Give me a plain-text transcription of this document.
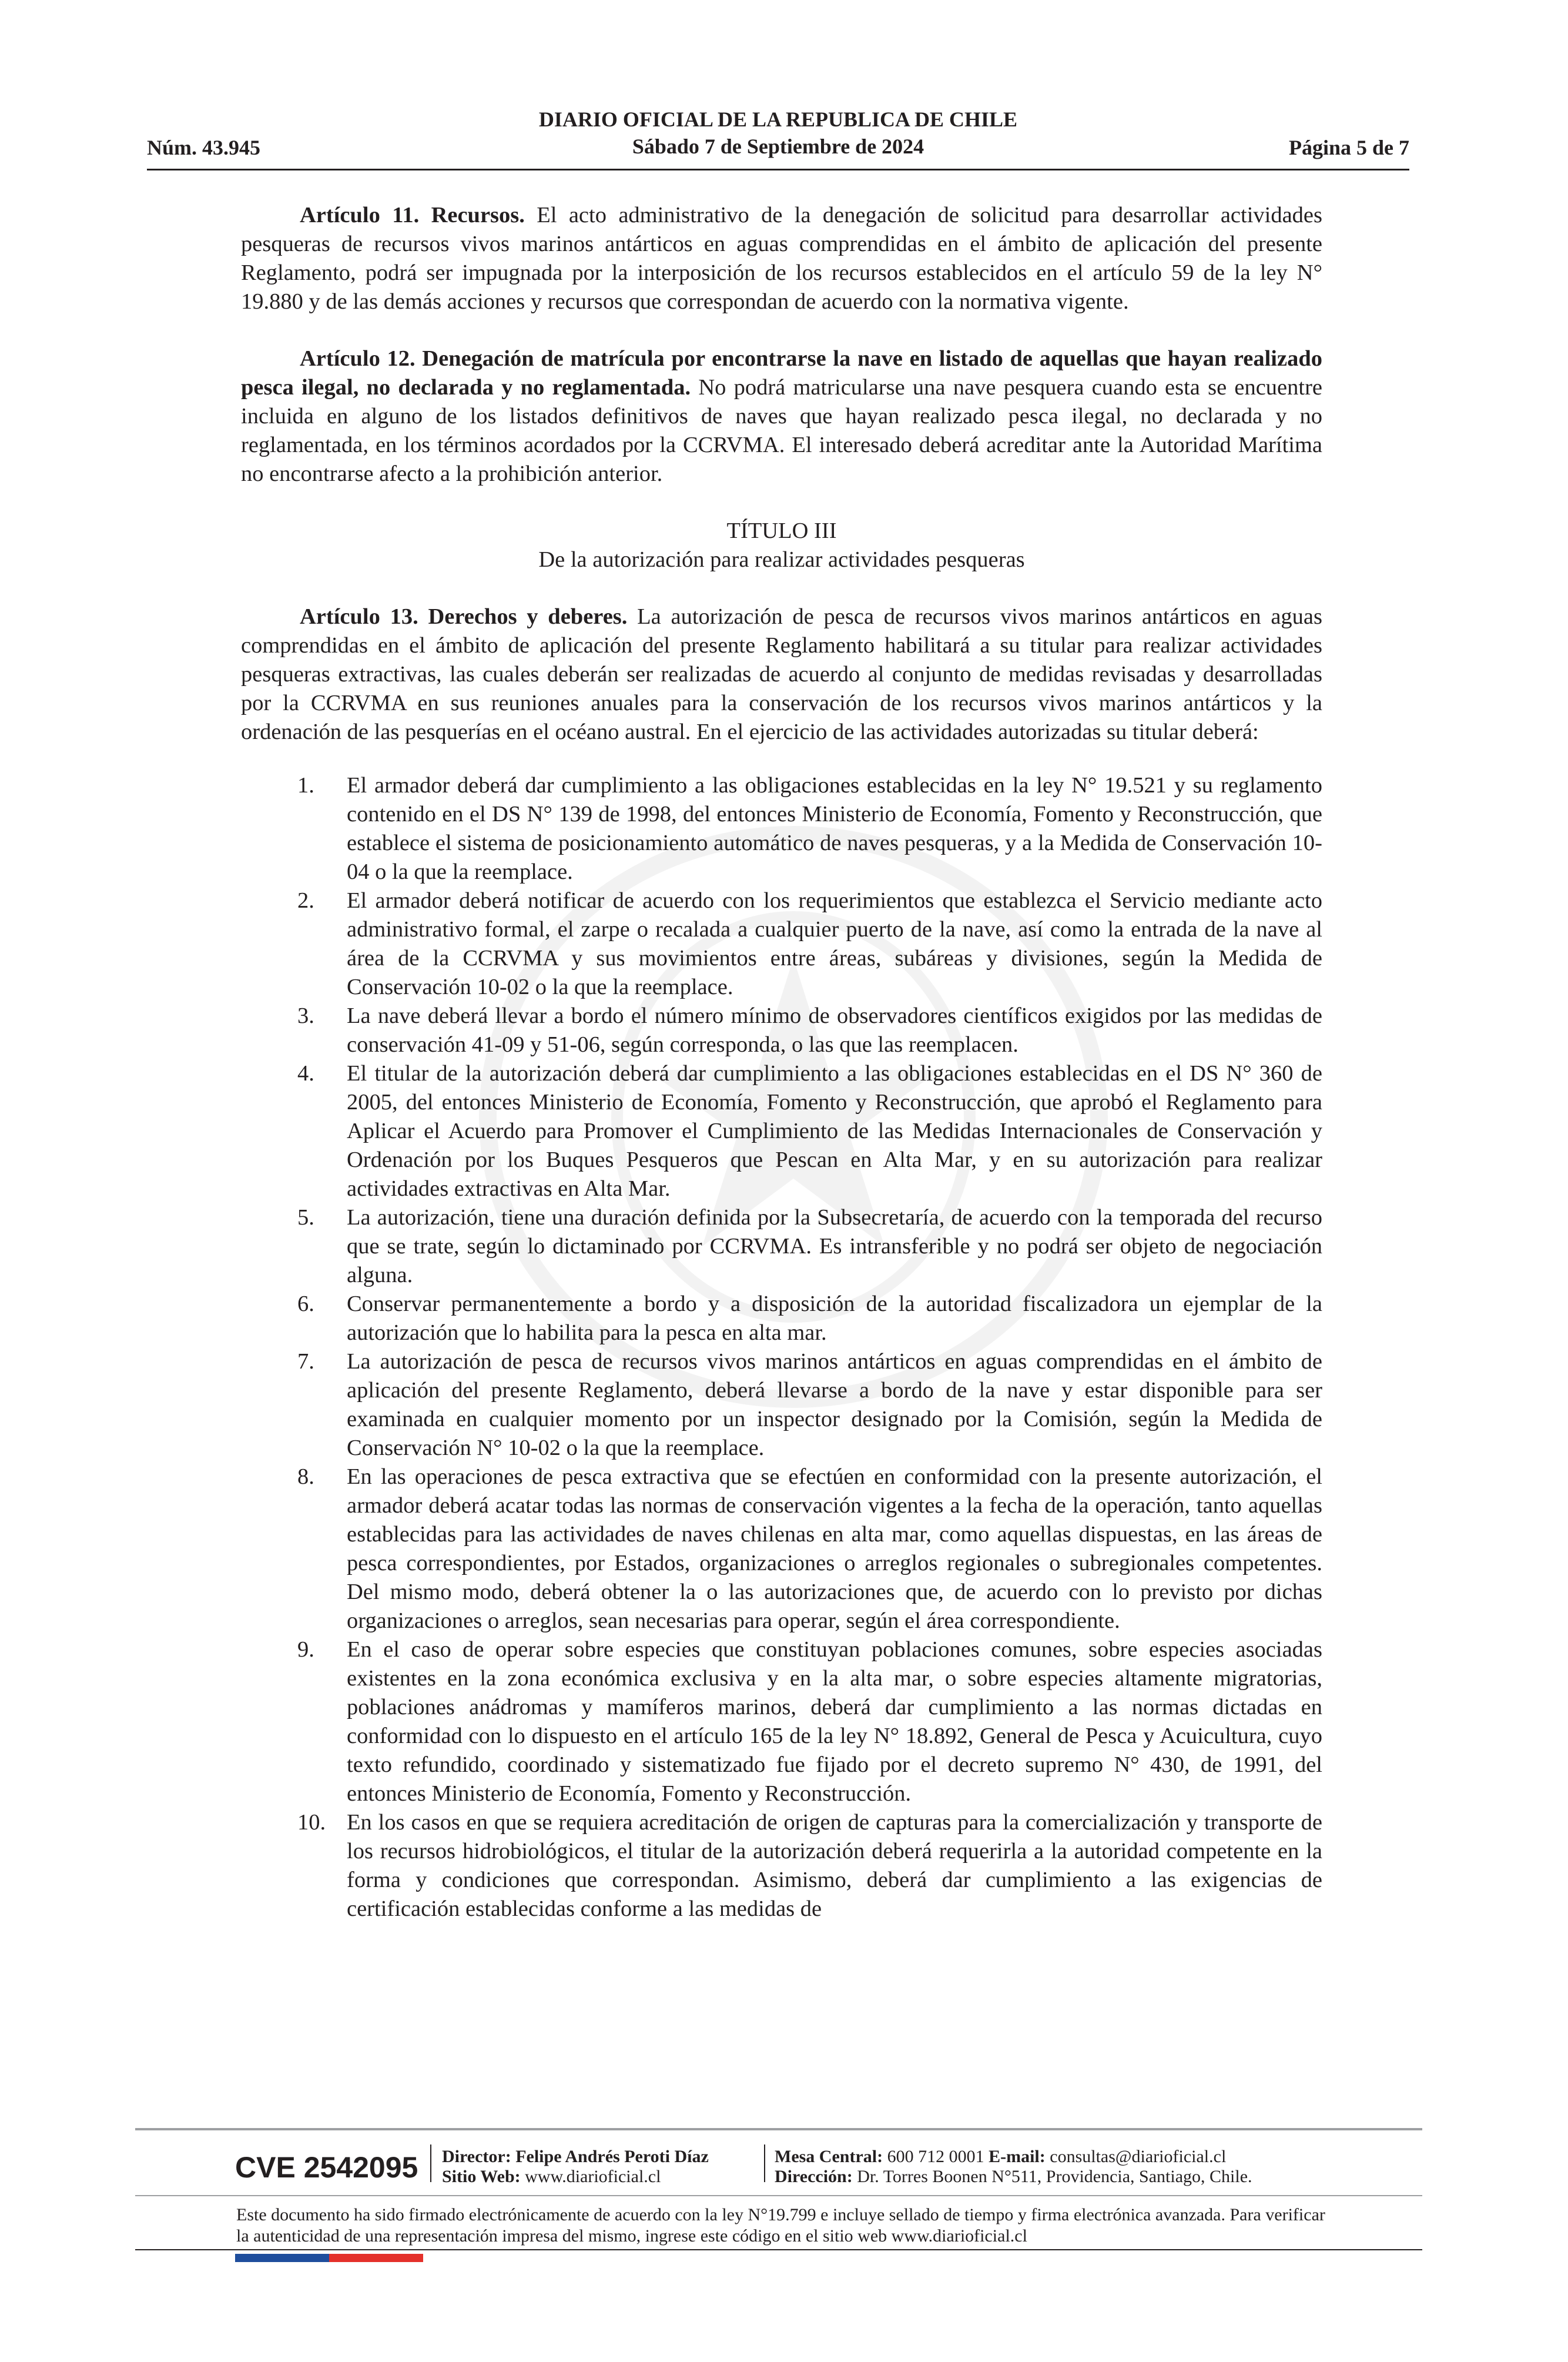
DIARIO OFICIAL DE LA REPUBLICA DE CHILE
Sábado 7 de Septiembre de 2024
Núm. 43.945	Página 5 de 7

Artículo 11. Recursos. El acto administrativo de la denegación de solicitud para desarrollar actividades pesqueras de recursos vivos marinos antárticos en aguas comprendidas en el ámbito de aplicación del presente Reglamento, podrá ser impugnada por la interposición de los recursos establecidos en el artículo 59 de la ley N° 19.880 y de las demás acciones y recursos que correspondan de acuerdo con la normativa vigente.

Artículo 12. Denegación de matrícula por encontrarse la nave en listado de aquellas que hayan realizado pesca ilegal, no declarada y no reglamentada. No podrá matricularse una nave pesquera cuando esta se encuentre incluida en alguno de los listados definitivos de naves que hayan realizado pesca ilegal, no declarada y no reglamentada, en los términos acordados por la CCRVMA. El interesado deberá acreditar ante la Autoridad Marítima no encontrarse afecto a la prohibición anterior.

TÍTULO III
De la autorización para realizar actividades pesqueras

Artículo 13. Derechos y deberes. La autorización de pesca de recursos vivos marinos antárticos en aguas comprendidas en el ámbito de aplicación del presente Reglamento habilitará a su titular para realizar actividades pesqueras extractivas, las cuales deberán ser realizadas de acuerdo al conjunto de medidas revisadas y desarrolladas por la CCRVMA en sus reuniones anuales para la conservación de los recursos vivos marinos antárticos y la ordenación de las pesquerías en el océano austral. En el ejercicio de las actividades autorizadas su titular deberá:

1. El armador deberá dar cumplimiento a las obligaciones establecidas en la ley N° 19.521 y su reglamento contenido en el DS N° 139 de 1998, del entonces Ministerio de Economía, Fomento y Reconstrucción, que establece el sistema de posicionamiento automático de naves pesqueras, y a la Medida de Conservación 10-04 o la que la reemplace.
2. El armador deberá notificar de acuerdo con los requerimientos que establezca el Servicio mediante acto administrativo formal, el zarpe o recalada a cualquier puerto de la nave, así como la entrada de la nave al área de la CCRVMA y sus movimientos entre áreas, subáreas y divisiones, según la Medida de Conservación 10-02 o la que la reemplace.
3. La nave deberá llevar a bordo el número mínimo de observadores científicos exigidos por las medidas de conservación 41-09 y 51-06, según corresponda, o las que las reemplacen.
4. El titular de la autorización deberá dar cumplimiento a las obligaciones establecidas en el DS N° 360 de 2005, del entonces Ministerio de Economía, Fomento y Reconstrucción, que aprobó el Reglamento para Aplicar el Acuerdo para Promover el Cumplimiento de las Medidas Internacionales de Conservación y Ordenación por los Buques Pesqueros que Pescan en Alta Mar, y en su autorización para realizar actividades extractivas en Alta Mar.
5. La autorización, tiene una duración definida por la Subsecretaría, de acuerdo con la temporada del recurso que se trate, según lo dictaminado por CCRVMA. Es intransferible y no podrá ser objeto de negociación alguna.
6. Conservar permanentemente a bordo y a disposición de la autoridad fiscalizadora un ejemplar de la autorización que lo habilita para la pesca en alta mar.
7. La autorización de pesca de recursos vivos marinos antárticos en aguas comprendidas en el ámbito de aplicación del presente Reglamento, deberá llevarse a bordo de la nave y estar disponible para ser examinada en cualquier momento por un inspector designado por la Comisión, según la Medida de Conservación N° 10-02 o la que la reemplace.
8. En las operaciones de pesca extractiva que se efectúen en conformidad con la presente autorización, el armador deberá acatar todas las normas de conservación vigentes a la fecha de la operación, tanto aquellas establecidas para las actividades de naves chilenas en alta mar, como aquellas dispuestas, en las áreas de pesca correspondientes, por Estados, organizaciones o arreglos regionales o subregionales competentes. Del mismo modo, deberá obtener la o las autorizaciones que, de acuerdo con lo previsto por dichas organizaciones o arreglos, sean necesarias para operar, según el área correspondiente.
9. En el caso de operar sobre especies que constituyan poblaciones comunes, sobre especies asociadas existentes en la zona económica exclusiva y en la alta mar, o sobre especies altamente migratorias, poblaciones anádromas y mamíferos marinos, deberá dar cumplimiento a las normas dictadas en conformidad con lo dispuesto en el artículo 165 de la ley N° 18.892, General de Pesca y Acuicultura, cuyo texto refundido, coordinado y sistematizado fue fijado por el decreto supremo N° 430, de 1991, del entonces Ministerio de Economía, Fomento y Reconstrucción.
10. En los casos en que se requiera acreditación de origen de capturas para la comercialización y transporte de los recursos hidrobiológicos, el titular de la autorización deberá requerirla a la autoridad competente en la forma y condiciones que correspondan. Asimismo, deberá dar cumplimiento a las exigencias de certificación establecidas conforme a las medidas de
CVE 2542095 Director: Felipe Andrés Peroti Díaz
Sitio Web: www.diarioficial.cl
Mesa Central: 600 712 0001 E-mail: consultas@diarioficial.cl
Dirección: Dr. Torres Boonen N°511, Providencia, Santiago, Chile.
Este documento ha sido firmado electrónicamente de acuerdo con la ley N°19.799 e incluye sellado de tiempo y firma electrónica avanzada. Para verificar la autenticidad de una representación impresa del mismo, ingrese este código en el sitio web www.diarioficial.cl
